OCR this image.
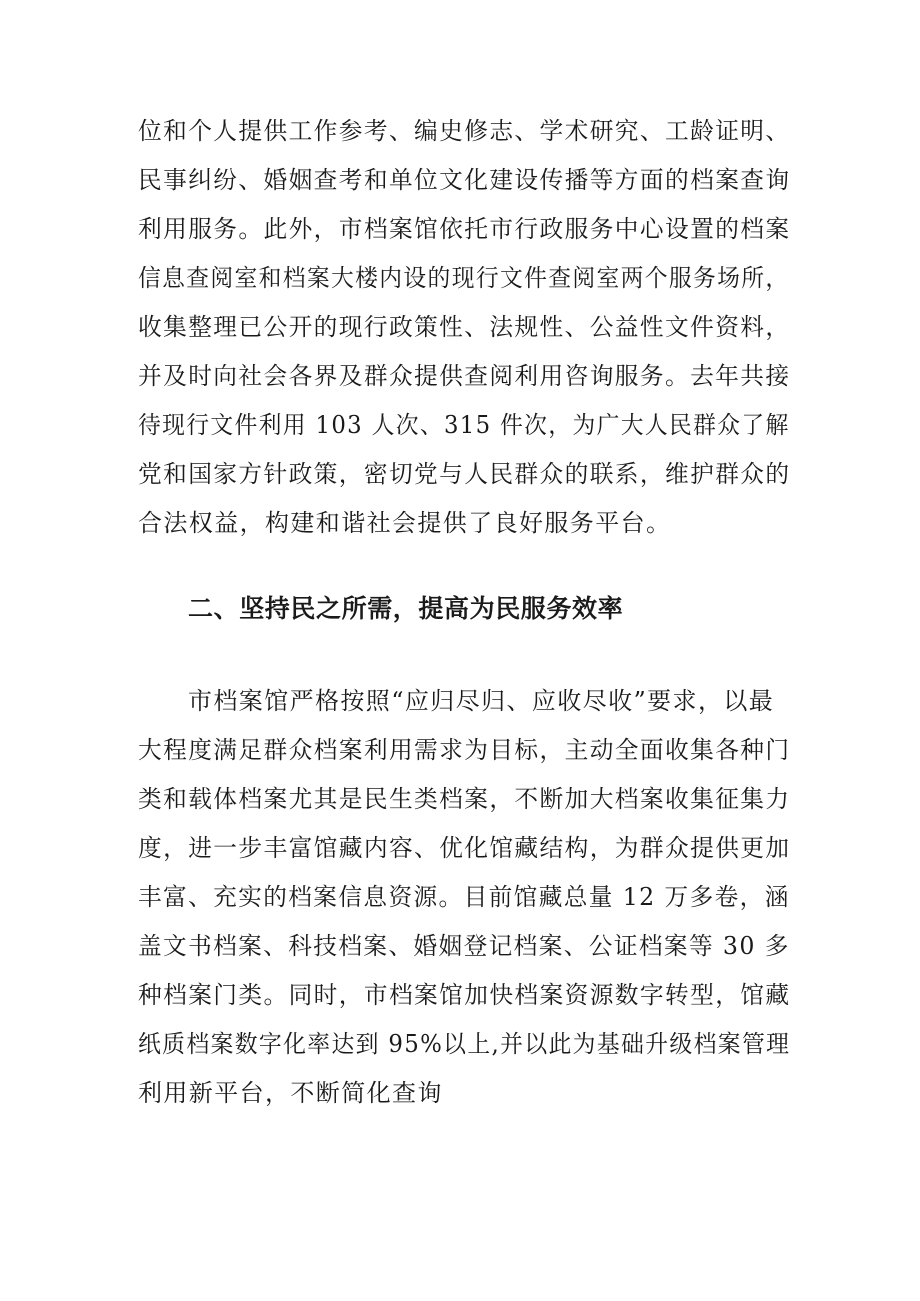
位和个人提供工作参考、编史修志、学术研究、工龄证明、

民事纠纷、婚姻查考和单位文化建设传播等方面的档案查询

利用服务。此外，市档案馆依托市行政服务中心设置的档案

信息查阅室和档案大楼内设的现行文件查阅室两个服务场所，

收集整理已公开的现行政策性、法规性、公益性文件资料，

并及时向社会各界及群众提供查阅利用咨询服务。去年共接

待现行文件利用 103 人次、315 件次，为广大人民群众了解

党和国家方针政策，密切党与人民群众的联系，维护群众的

合法权益，构建和谐社会提供了良好服务平台。

二、坚持民之所需，提高为民服务效率

市档案馆严格按照“应归尽归、应收尽收”要求，以最

大程度满足群众档案利用需求为目标，主动全面收集各种门

类和载体档案尤其是民生类档案，不断加大档案收集征集力

度，进一步丰富馆藏内容、优化馆藏结构，为群众提供更加

丰富、充实的档案信息资源。目前馆藏总量 12 万多卷，涵

盖文书档案、科技档案、婚姻登记档案、公证档案等 30 多

种档案门类。同时，市档案馆加快档案资源数字转型，馆藏

纸质档案数字化率达到 95%以上,并以此为基础升级档案管理

利用新平台，不断简化查询
